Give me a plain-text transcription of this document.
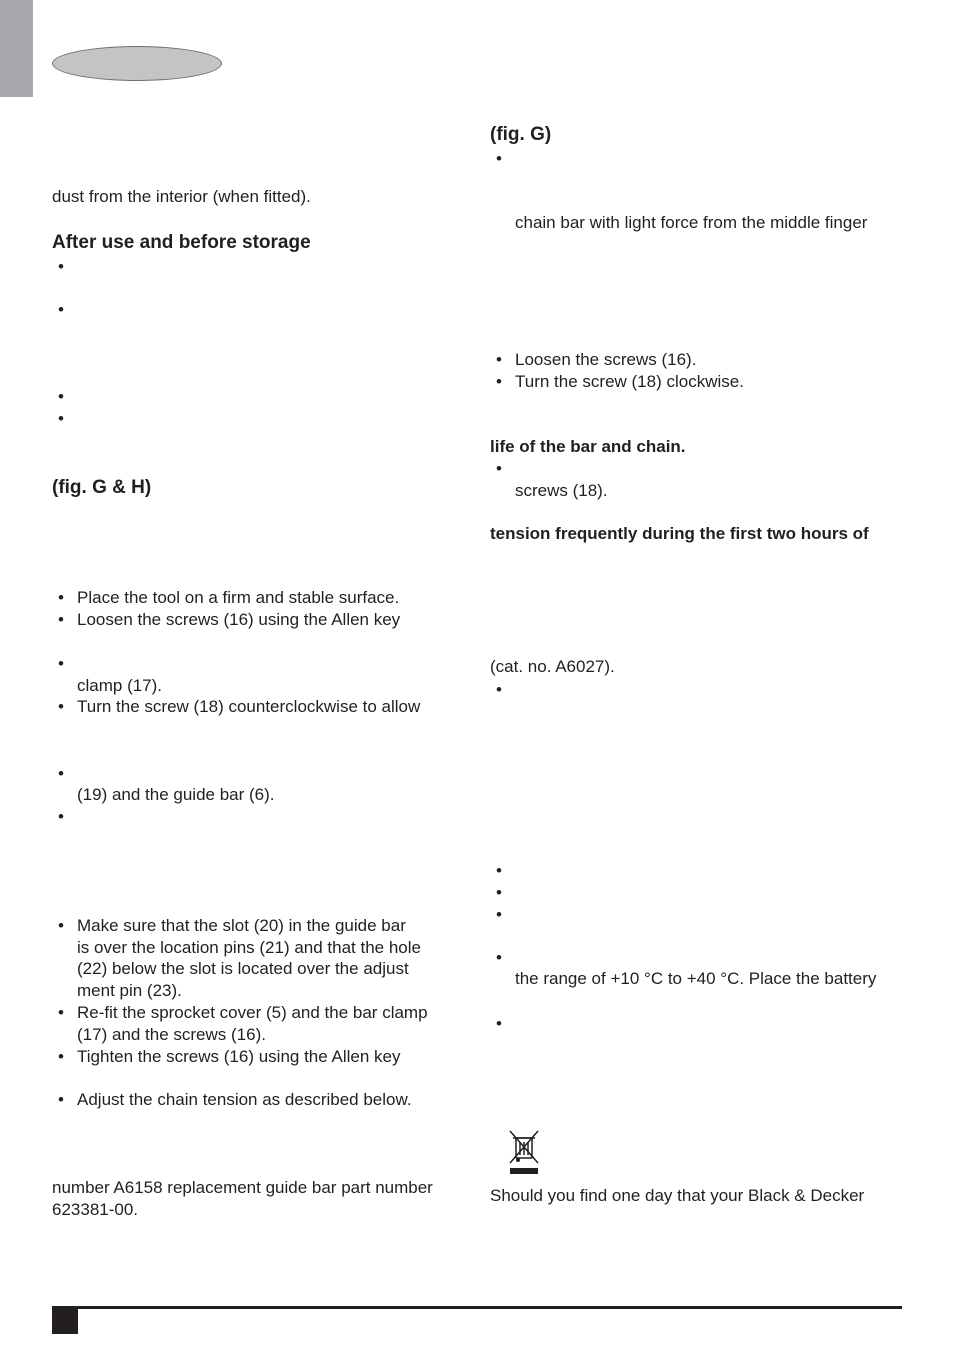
dust from the interior (when fitted).
After use and before storage
•
•
•
•
(fig. G & H)
• Place the tool on a firm and stable surface.
• Loosen the screws (16) using the Allen key
•
clamp (17).
• Turn the screw (18) counterclockwise to allow
•
(19) and the guide bar (6).
•
• Make sure that the slot (20) in the guide bar
is over the location pins (21) and that the hole
(22) below the slot is located over the adjust
ment pin (23).
• Re-fit the sprocket cover (5) and the bar clamp
(17) and the screws (16).
• Tighten the screws (16) using the Allen key
• Adjust the chain tension as described below.
number A6158 replacement guide bar part number
623381-00.
(fig. G)
•
chain bar with light force from the middle finger
• Loosen the screws (16).
• Turn the screw (18) clockwise.
life of the bar and chain.
•
screws (18).
tension frequently during the first two hours of
(cat. no. A6027).
•
•
•
•
•
the range of +10 °C to +40 °C. Place the battery
•
Should you find one day that your Black & Decker
